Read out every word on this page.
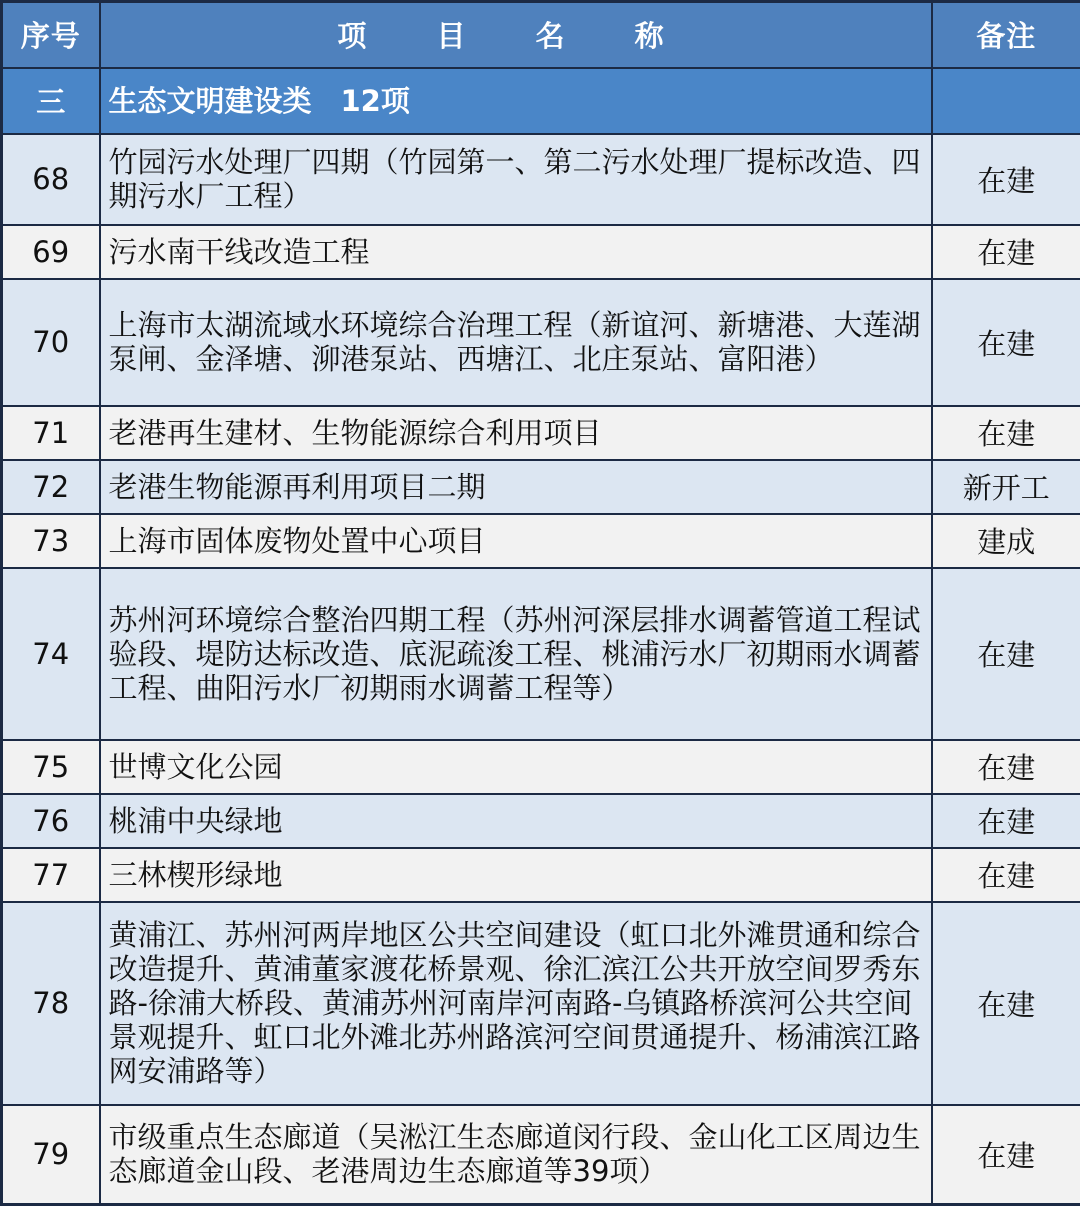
序号	项 目 名 称	备注
三	生态文明建设类　12项	
68	竹园污水处理厂四期（竹园第一、第二污水处理厂提标改造、四期污水厂工程）	在建
69	污水南干线改造工程	在建
70	上海市太湖流域水环境综合治理工程（新谊河、新塘港、大莲湖泵闸、金泽塘、泖港泵站、西塘江、北庄泵站、富阳港）	在建
71	老港再生建材、生物能源综合利用项目	在建
72	老港生物能源再利用项目二期	新开工
73	上海市固体废物处置中心项目	建成
74	苏州河环境综合整治四期工程（苏州河深层排水调蓄管道工程试验段、堤防达标改造、底泥疏浚工程、桃浦污水厂初期雨水调蓄工程、曲阳污水厂初期雨水调蓄工程等）	在建
75	世博文化公园	在建
76	桃浦中央绿地	在建
77	三林楔形绿地	在建
78	黄浦江、苏州河两岸地区公共空间建设（虹口北外滩贯通和综合改造提升、黄浦董家渡花桥景观、徐汇滨江公共开放空间罗秀东路-徐浦大桥段、黄浦苏州河南岸河南路-乌镇路桥滨河公共空间景观提升、虹口北外滩北苏州路滨河空间贯通提升、杨浦滨江路网安浦路等）	在建
79	市级重点生态廊道（吴淞江生态廊道闵行段、金山化工区周边生态廊道金山段、老港周边生态廊道等39项）	在建
